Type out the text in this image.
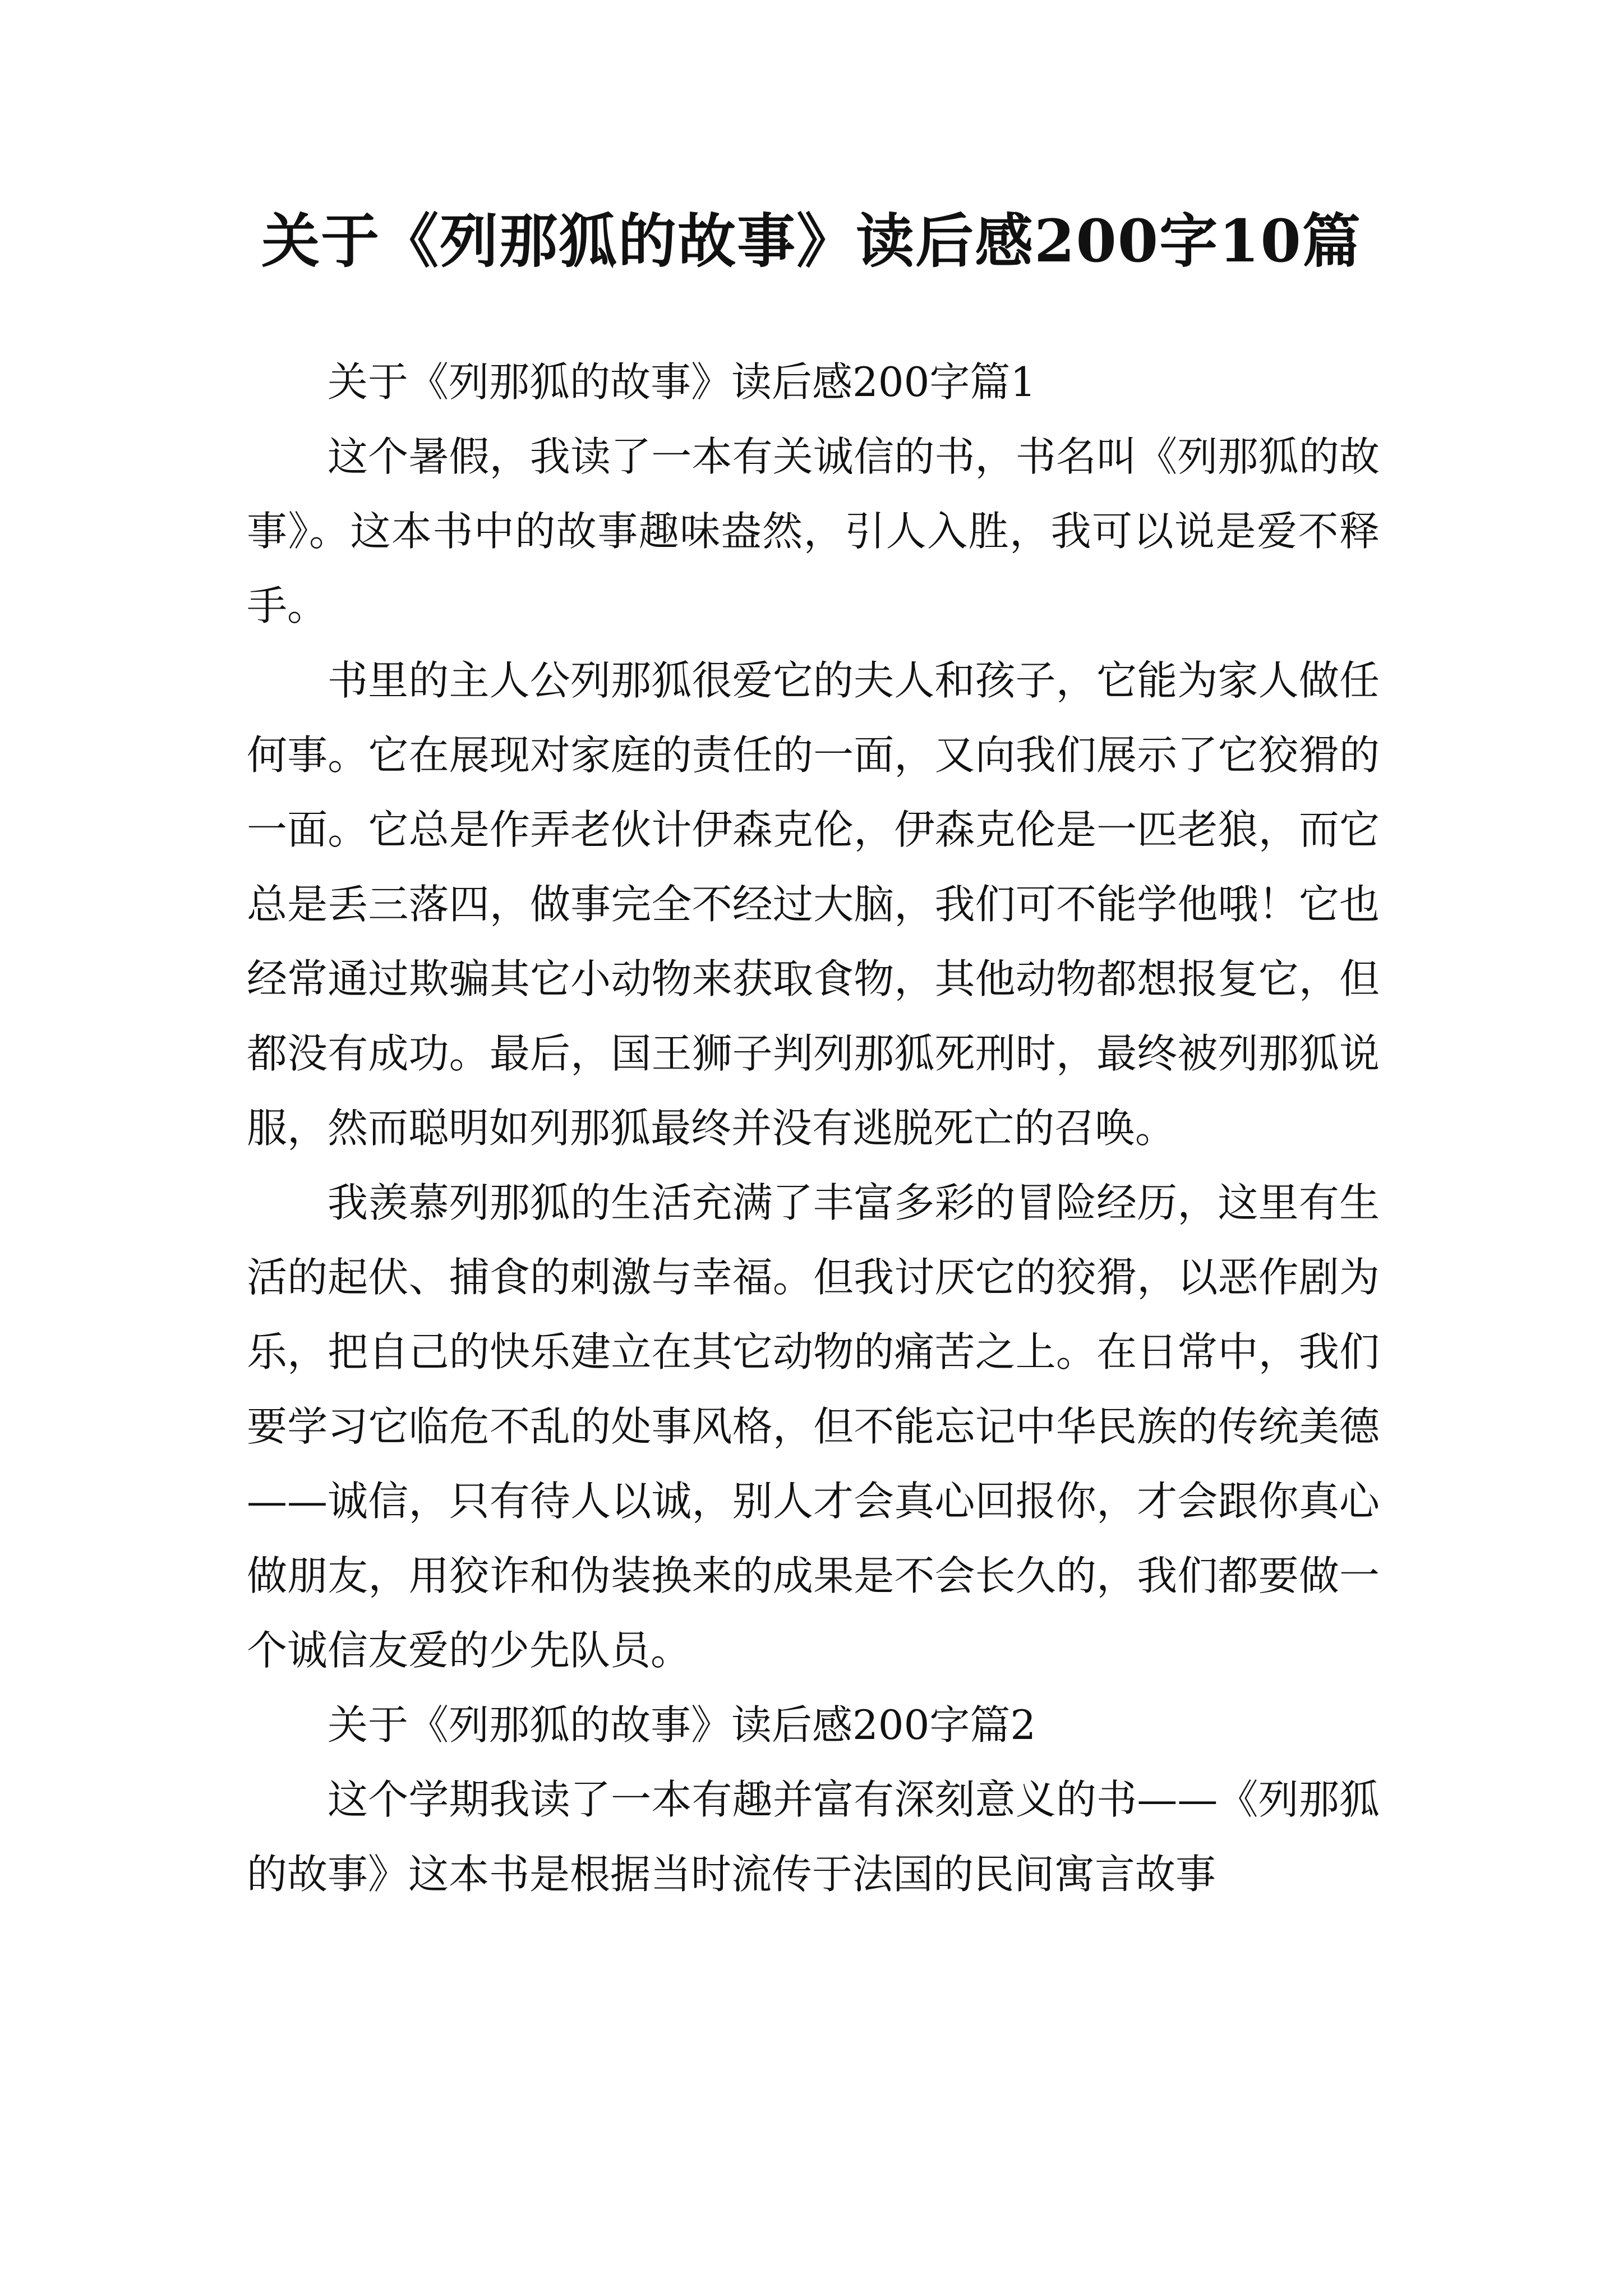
关于《列那狐的故事》读后感200字10篇

关于《列那狐的故事》读后感200字篇1

这个暑假，我读了一本有关诚信的书，书名叫《列那狐的故事》。这本书中的故事趣味盎然，引人入胜，我可以说是爱不释手。

书里的主人公列那狐很爱它的夫人和孩子，它能为家人做任何事。它在展现对家庭的责任的一面，又向我们展示了它狡猾的一面。它总是作弄老伙计伊森克伦，伊森克伦是一匹老狼，而它总是丢三落四，做事完全不经过大脑，我们可不能学他哦！它也经常通过欺骗其它小动物来获取食物，其他动物都想报复它，但都没有成功。最后，国王狮子判列那狐死刑时，最终被列那狐说服，然而聪明如列那狐最终并没有逃脱死亡的召唤。

我羡慕列那狐的生活充满了丰富多彩的冒险经历，这里有生活的起伏、捕食的刺激与幸福。但我讨厌它的狡猾，以恶作剧为乐，把自己的快乐建立在其它动物的痛苦之上。在日常中，我们要学习它临危不乱的处事风格，但不能忘记中华民族的传统美德——诚信，只有待人以诚，别人才会真心回报你，才会跟你真心做朋友，用狡诈和伪装换来的成果是不会长久的，我们都要做一个诚信友爱的少先队员。

关于《列那狐的故事》读后感200字篇2

这个学期我读了一本有趣并富有深刻意义的书——《列那狐的故事》这本书是根据当时流传于法国的民间寓言故事
